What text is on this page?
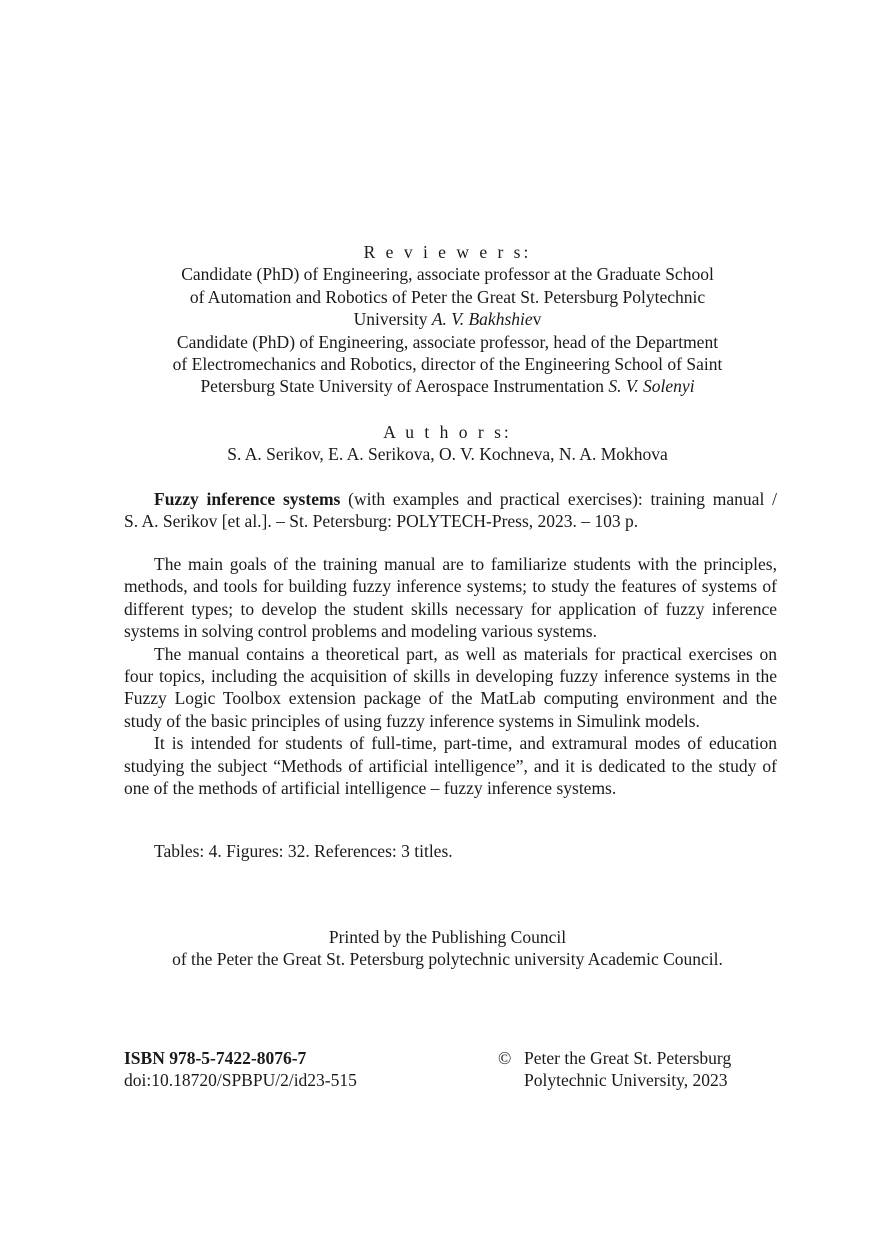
R e v i e w e r s:
Candidate (PhD) of Engineering, associate professor at the Graduate School
of Automation and Robotics of Peter the Great St. Petersburg Polytechnic
University A. V. Bakhshiev
Candidate (PhD) of Engineering, associate professor, head of the Department
of Electromechanics and Robotics, director of the Engineering School of Saint
Petersburg State University of Aerospace Instrumentation S. V. Solenyi
A u t h o r s:
S. A. Serikov, E. A. Serikova, O. V. Kochneva, N. A. Mokhova
Fuzzy inference systems (with examples and practical exercises): training manual /
S. A. Serikov [et al.]. – St. Petersburg: POLYTECH-Press, 2023. – 103 p.

The main goals of the training manual are to familiarize students with the principles, methods, and tools for building fuzzy inference systems; to study the features of systems of different types; to develop the student skills necessary for application of fuzzy inference systems in solving control problems and modeling various systems.

The manual contains a theoretical part, as well as materials for practical exercises on four topics, including the acquisition of skills in developing fuzzy inference systems in the Fuzzy Logic Toolbox extension package of the MatLab computing environment and the study of the basic principles of using fuzzy inference systems in Simulink models.

It is intended for students of full-time, part-time, and extramural modes of education studying the subject “Methods of artificial intelligence”, and it is dedicated to the study of one of the methods of artificial intelligence – fuzzy inference systems.

Tables: 4. Figures: 32. References: 3 titles.
Printed by the Publishing Council
of the Peter the Great St. Petersburg polytechnic university Academic Council.
ISBN 978-5-7422-8076-7
doi:10.18720/SPBPU/2/id23-515
© Peter the Great St. Petersburg
Polytechnic University, 2023
